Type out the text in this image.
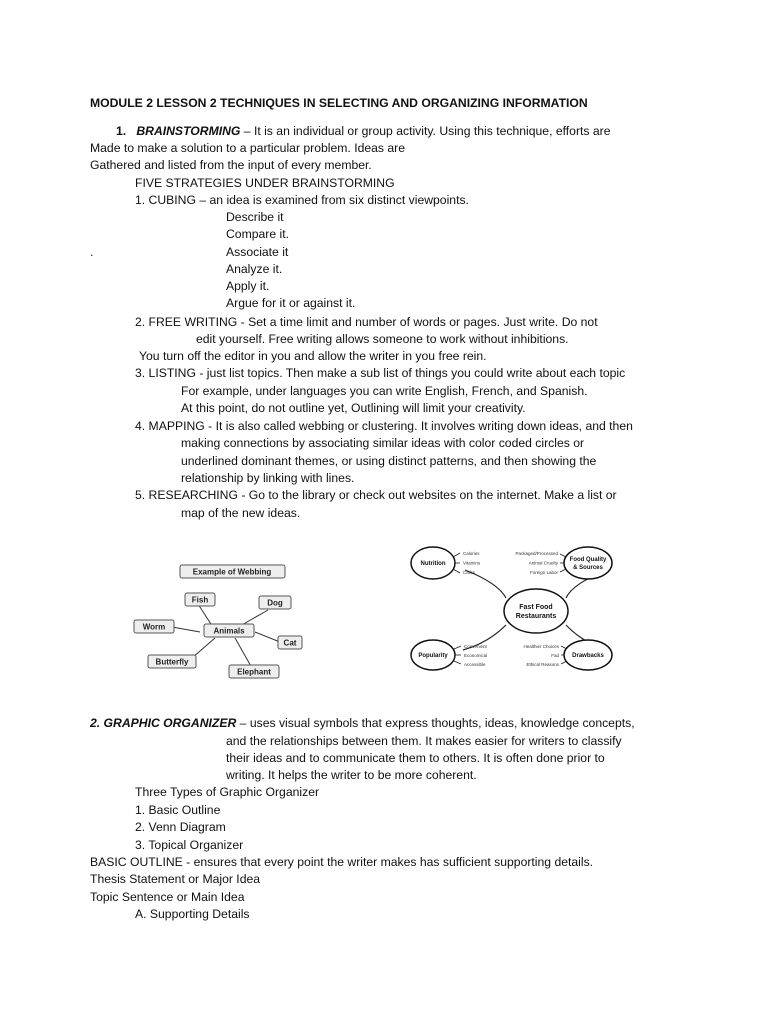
MODULE 2 LESSON 2 TECHNIQUES IN SELECTING AND ORGANIZING INFORMATION
1. BRAINSTORMING – It is an individual or group activity. Using this technique, efforts are
Made to make a solution to a particular problem. Ideas are
Gathered and listed from the input of every member.
FIVE STRATEGIES UNDER BRAINSTORMING
1. CUBING – an idea is examined from six distinct viewpoints.
Describe it
Compare it.
.	Associate it
Analyze it.
Apply it.
Argue for it or against it.
2. FREE WRITING - Set a time limit and number of words or pages. Just write. Do not
edit yourself. Free writing allows someone to work without inhibitions.
You turn off the editor in you and allow the writer in you free rein.
3. LISTING - just list topics. Then make a sub list of things you could write about each topic
For example, under languages you can write English, French, and Spanish.
At this point, do not outline yet, Outlining will limit your creativity.
4. MAPPING - It is also called webbing or clustering. It involves writing down ideas, and then
making connections by associating similar ideas with color coded circles or
underlined dominant themes, or using distinct patterns, and then showing the
relationship by linking with lines.
5. RESEARCHING - Go to the library or check out websites on the internet. Make a list or
map of the new ideas.
Example of Webbing
Animals
Fish	Dog
Worm
Cat
Butterfly
Elephant
Nutrition
Food Quality
& Sources
Fast Food
Restaurants
Popularity	Drawbacks
Calories
Vitamins
Carbs
Packaged/Processed
Animal Cruelty
Foreign Labor
Healthier Choices
Fad
Ethical Reasons
Convenient
Economical
Accessible
2. GRAPHIC ORGANIZER – uses visual symbols that express thoughts, ideas, knowledge concepts,
and the relationships between them. It makes easier for writers to classify
their ideas and to communicate them to others. It is often done prior to
writing. It helps the writer to be more coherent.
Three Types of Graphic Organizer
1. Basic Outline
2. Venn Diagram
3. Topical Organizer
BASIC OUTLINE - ensures that every point the writer makes has sufficient supporting details.
Thesis Statement or Major Idea
Topic Sentence or Main Idea
A. Supporting Details
